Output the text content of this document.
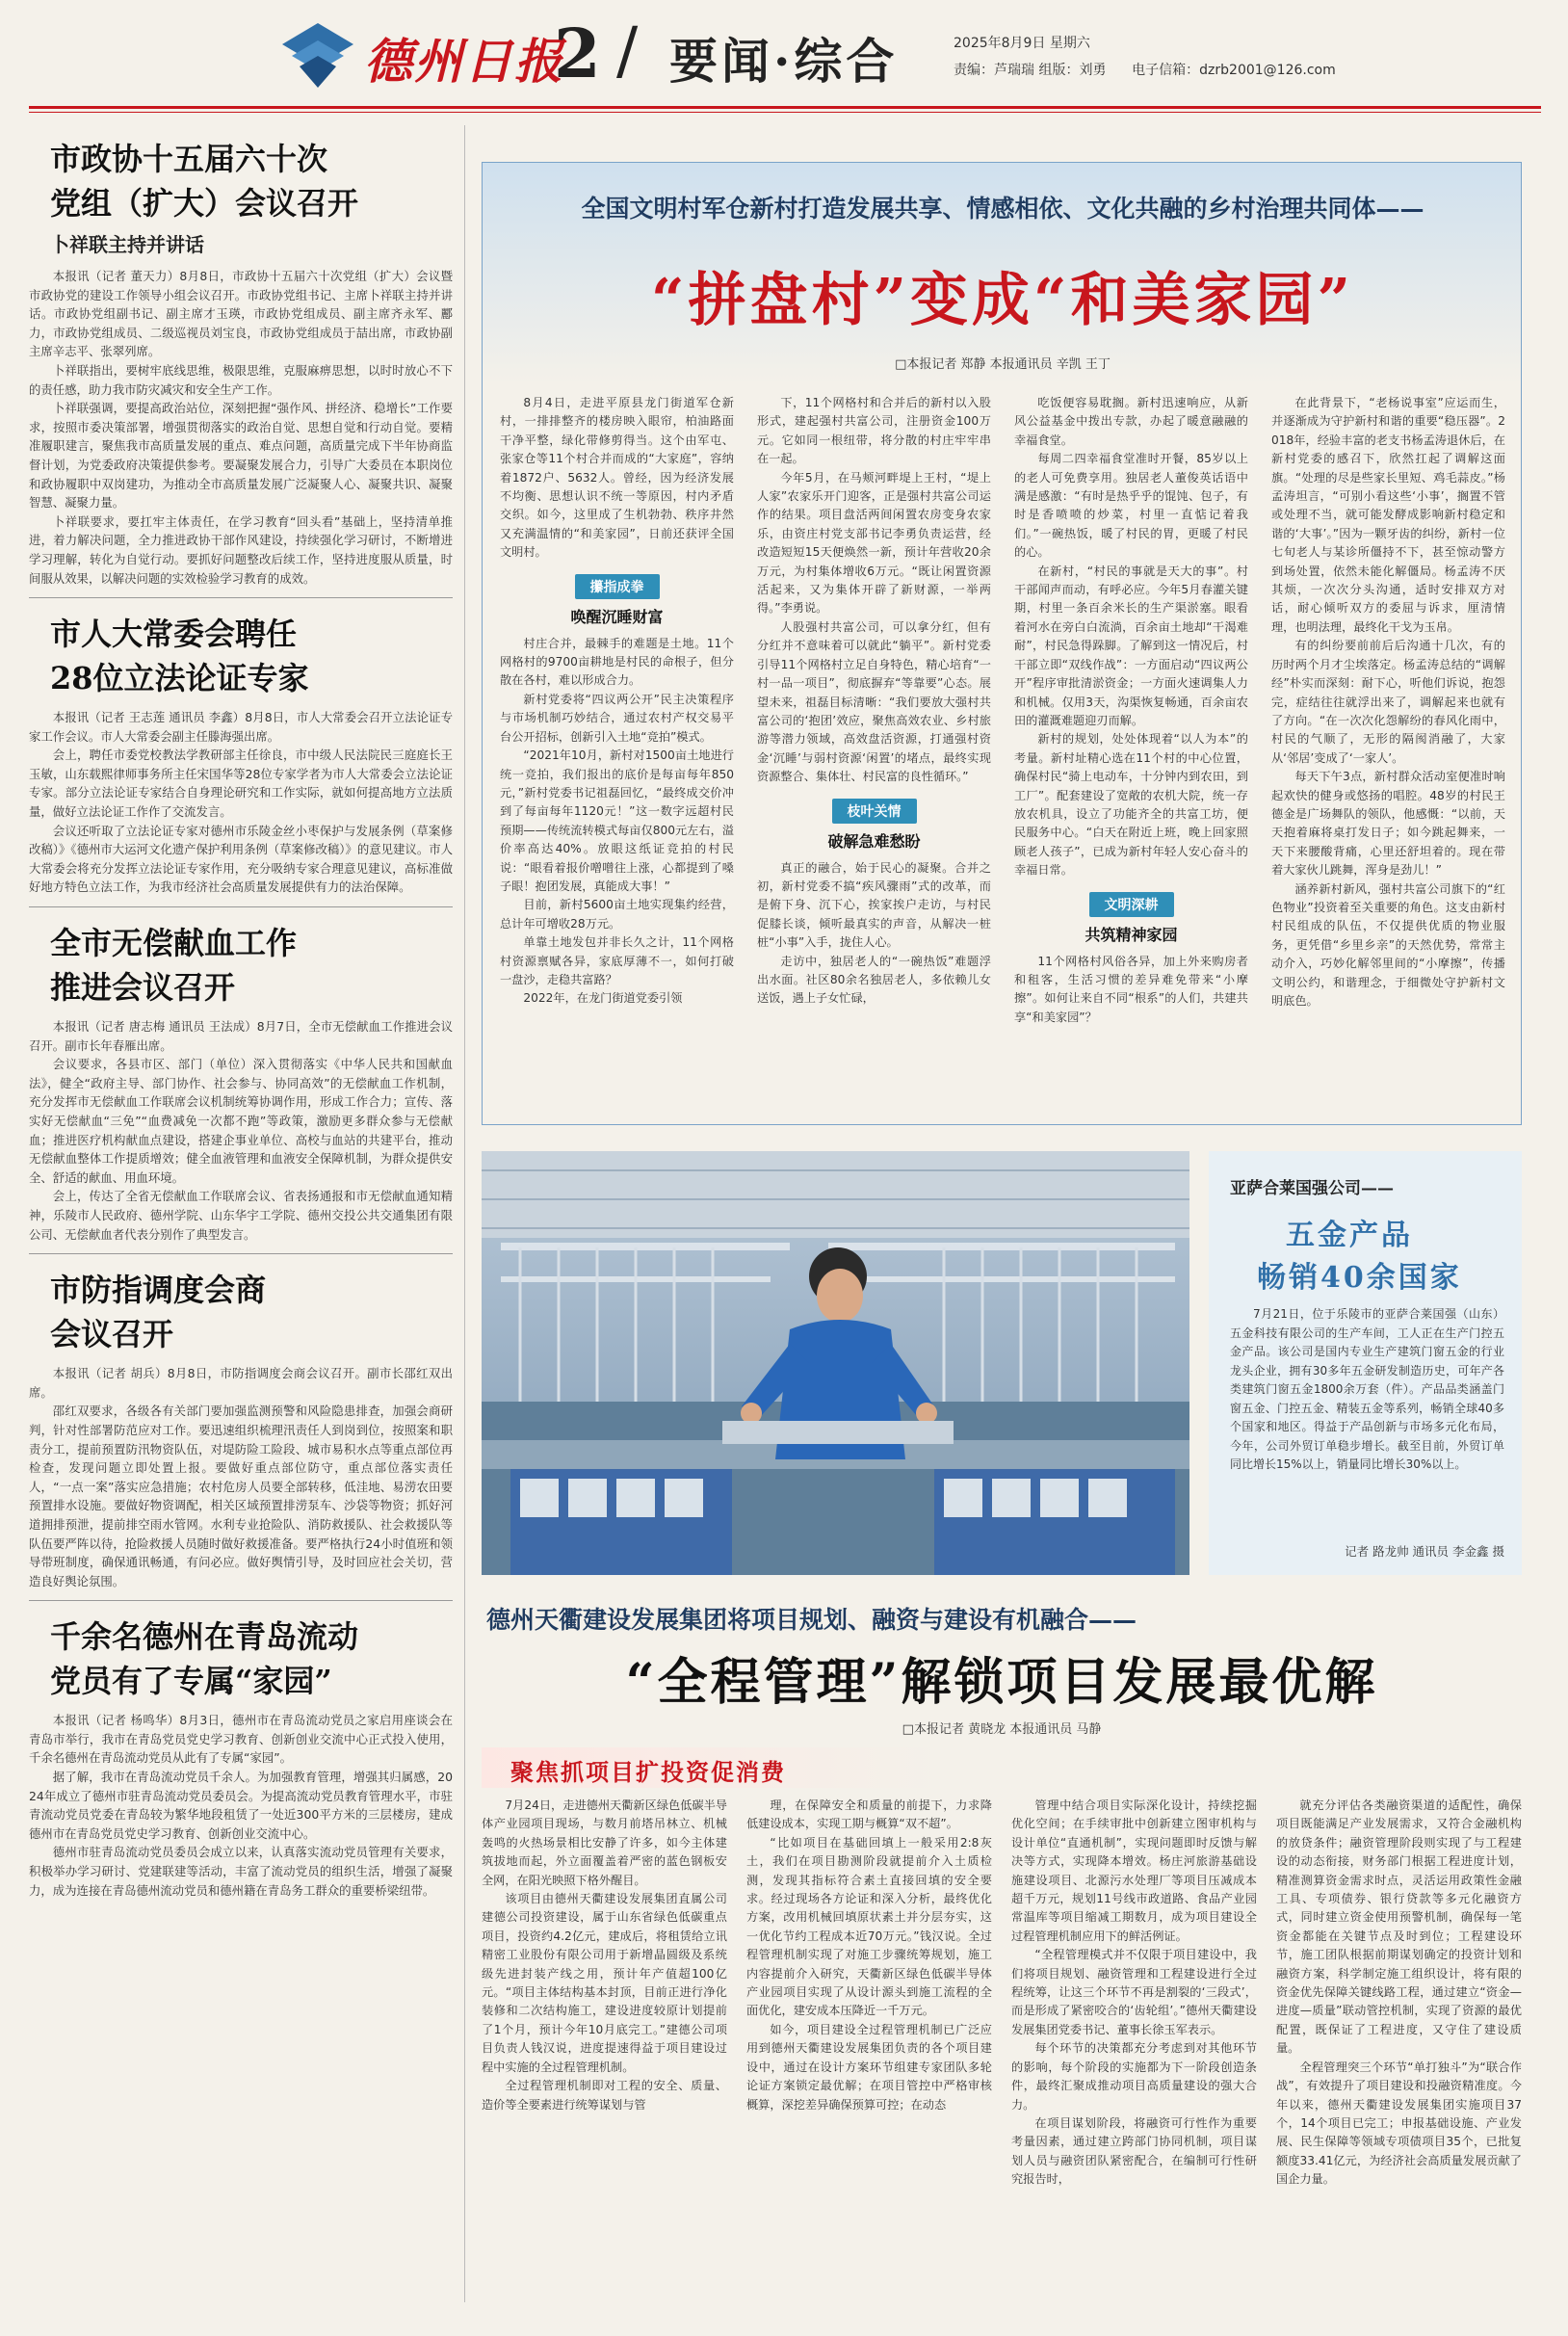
德州日报
2 / 要闻·综合	2025年8月9日 星期六
责编：芦瑞瑞 组版：刘勇 电子信箱：dzrb2001@126.com
市政协十五届六十次
党组（扩大）会议召开
卜祥联主持并讲话

本报讯（记者 董天力）8月8日，市政协十五届六十次党组（扩大）会议暨市政协党的建设工作领导小组会议召开。市政协党组书记、主席卜祥联主持并讲话。市政协党组副书记、副主席才玉瑛，市政协党组成员、副主席齐永军、酈力，市政协党组成员、二级巡视员刘宝良，市政协党组成员于喆出席，市政协副主席辛志平、张翠列席。

卜祥联指出，要树牢底线思维，极限思维，克服麻痹思想，以时时放心不下的责任感，助力我市防灾减灾和安全生产工作。

卜祥联强调，要提高政治站位，深刻把握“强作风、拼经济、稳增长”工作要求，按照市委决策部署，增强贯彻落实的政治自觉、思想自觉和行动自觉。要精准履职建言，聚焦我市高质量发展的重点、难点问题，高质量完成下半年协商监督计划，为党委政府决策提供参考。要凝聚发展合力，引导广大委员在本职岗位和政协履职中双岗建功，为推动全市高质量发展广泛凝聚人心、凝聚共识、凝聚智慧、凝聚力量。

卜祥联要求，要扛牢主体责任，在学习教育“回头看”基础上，坚持清单推进，着力解决问题，全力推进政协干部作风建设，持续强化学习研讨，不断增进学习理解，转化为自觉行动。要抓好问题整改后续工作，坚持进度服从质量，时间服从效果，以解决问题的实效检验学习教育的成效。

市人大常委会聘任
28位立法论证专家

本报讯（记者 王志莲 通讯员 李鑫）8月8日，市人大常委会召开立法论证专家工作会议。市人大常委会副主任滕海强出席。

会上，聘任市委党校教法学教研部主任徐良，市中级人民法院民三庭庭长王玉敏，山东载熙律师事务所主任宋国华等28位专家学者为市人大常委会立法论证专家。部分立法论证专家结合自身理论研究和工作实际，就如何提高地方立法质量，做好立法论证工作作了交流发言。

会议还听取了立法论证专家对德州市乐陵金丝小枣保护与发展条例（草案修改稿）》《德州市大运河文化遗产保护利用条例（草案修改稿）》的意见建议。市人大常委会将充分发挥立法论证专家作用，充分吸纳专家合理意见建议，高标准做好地方特色立法工作，为我市经济社会高质量发展提供有力的法治保障。

全市无偿献血工作
推进会议召开

本报讯（记者 唐志梅 通讯员 王法成）8月7日，全市无偿献血工作推进会议召开。副市长年春雁出席。

会议要求，各县市区、部门（单位）深入贯彻落实《中华人民共和国献血法》，健全“政府主导、部门协作、社会参与、协同高效”的无偿献血工作机制，充分发挥市无偿献血工作联席会议机制统筹协调作用，形成工作合力；宣传、落实好无偿献血“三免”“血费减免一次都不跑”等政策，激励更多群众参与无偿献血；推进医疗机构献血点建设，搭建企事业单位、高校与血站的共建平台，推动无偿献血整体工作提质增效；健全血液管理和血液安全保障机制，为群众提供安全、舒适的献血、用血环境。

会上，传达了全省无偿献血工作联席会议、省表扬通报和市无偿献血通知精神，乐陵市人民政府、德州学院、山东华宇工学院、德州交投公共交通集团有限公司、无偿献血者代表分别作了典型发言。

市防指调度会商
会议召开

本报讯（记者 胡兵）8月8日，市防指调度会商会议召开。副市长邵红双出席。

邵红双要求，各级各有关部门要加强监测预警和风险隐患排查，加强会商研判，针对性部署防范应对工作。要迅速组织梳理汛责任人到岗到位，按照案和职责分工，提前预置防汛物资队伍，对堤防险工险段、城市易积水点等重点部位再检查，发现问题立即处置上报。要做好重点部位防守，重点部位落实责任人，“一点一案”落实应急措施；农村危房人员要全部转移，低洼地、易涝农田要预置排水设施。要做好物资调配，相关区域预置排涝泵车、沙袋等物资；抓好河道拥排预泄，提前排空雨水管网。水利专业抢险队、消防救援队、社会救援队等队伍要严阵以待，抢险救援人员随时做好救援准备。要严格执行24小时值班和领导带班制度，确保通讯畅通，有问必应。做好舆情引导，及时回应社会关切，营造良好舆论氛围。

千余名德州在青岛流动
党员有了专属“家园”

本报讯（记者 杨鸣华）8月3日，德州市在青岛流动党员之家启用座谈会在青岛市举行，我市在青岛党员党史学习教育、创新创业交流中心正式投入使用，千余名德州在青岛流动党员从此有了专属“家园”。

据了解，我市在青岛流动党员千余人。为加强教育管理，增强其归属感，2024年成立了德州市驻青岛流动党员委员会。为提高流动党员教育管理水平，市驻青流动党员党委在青岛较为繁华地段租赁了一处近300平方米的三层楼房，建成德州市在青岛党员党史学习教育、创新创业交流中心。

德州市驻青岛流动党员委员会成立以来，认真落实流动党员管理有关要求，积极举办学习研讨、党建联建等活动，丰富了流动党员的组织生活，增强了凝聚力，成为连接在青岛德州流动党员和德州籍在青岛务工群众的重要桥梁纽带。

全国文明村军仓新村打造发展共享、情感相依、文化共融的乡村治理共同体——
“拼盘村”变成“和美家园”
□本报记者 郑静 本报通讯员 辛凯 王丁

8月4日，走进平原县龙门街道军仓新村，一排排整齐的楼房映入眼帘，柏油路面干净平整，绿化带修剪得当。这个由军屯、张家仓等11个村合并而成的“大家庭”，容纳着1872户、5632人。曾经，因为经济发展不均衡、思想认识不统一等原因，村内矛盾交织。如今，这里成了生机勃勃、秩序井然又充满温情的“和美家园”，日前还获评全国文明村。

攥指成拳
唤醒沉睡财富

村庄合并，最棘手的难题是土地。11个网格村的9700亩耕地是村民的命根子，但分散在各村，难以形成合力。

新村党委将“四议两公开”民主决策程序与市场机制巧妙结合，通过农村产权交易平台公开招标，创新引入土地“竞拍”模式。

“2021年10月，新村对1500亩土地进行统一竞拍，我们报出的底价是每亩每年850元，”新村党委书记祖磊回忆，“最终成交价冲到了每亩每年1120元！”这一数字远超村民预期——传统流转模式每亩仅800元左右，溢价率高达40%。放眼这纸证竞拍的村民说：“眼看着报价噌噌往上涨，心都提到了嗓子眼！抱团发展，真能成大事！”

目前，新村5600亩土地实现集约经营，总计年可增收28万元。

单靠土地发包并非长久之计，11个网格村资源禀赋各异，家底厚薄不一，如何打破一盘沙，走稳共富路？

2022年，在龙门街道党委引领

下，11个网格村和合并后的新村以入股形式，建起强村共富公司，注册资金100万元。它如同一根纽带，将分散的村庄牢牢串在一起。

今年5月，在马颊河畔堤上王村，“堤上人家”农家乐开门迎客，正是强村共富公司运作的结果。项目盘活两间闲置农房变身农家乐，由资庄村党支部书记李勇负责运营，经改造短短15天便焕然一新，预计年营收20余万元，为村集体增收6万元。“既让闲置资源活起来，又为集体开辟了新财源，一举两得。”李勇说。

人股强村共富公司，可以拿分红，但有分红并不意味着可以就此“躺平”。新村党委引导11个网格村立足自身特色，精心培育“一村一品一项目”，彻底摒弃“等靠要”心态。展望未来，祖磊目标清晰：“我们要放大强村共富公司的‘抱团’效应，聚焦高效农业、乡村旅游等潜力领域，高效盘活资源，打通强村资金‘沉睡’与弱村资源‘闲置’的堵点，最终实现资源整合、集体壮、村民富的良性循环。”

枝叶关情
破解急难愁盼

真正的融合，始于民心的凝聚。合并之初，新村党委不搞“疾风骤雨”式的改革，而是俯下身、沉下心，挨家挨户走访，与村民促膝长谈，倾听最真实的声音，从解决一桩桩“小事”入手，拢住人心。

走访中，独居老人的“一碗热饭”难题浮出水面。社区80余名独居老人，多依赖儿女送饭，遇上子女忙碌，

吃饭便容易耽搁。新村迅速响应，从新风公益基金中拨出专款，办起了暖意融融的幸福食堂。

每周二四幸福食堂准时开餐，85岁以上的老人可免费享用。独居老人董俊英话语中满是感激：“有时是热乎乎的馄饨、包子，有时是香喷喷的炒菜，村里一直惦记着我们。”一碗热饭，暖了村民的胃，更暖了村民的心。

在新村，“村民的事就是天大的事”。村干部闻声而动，有呼必应。今年5月春灌关键期，村里一条百余米长的生产渠淤塞。眼看着河水在旁白白流淌，百余亩土地却“干渴难耐”，村民急得跺脚。了解到这一情况后，村干部立即“双线作战”：一方面启动“四议两公开”程序审批清淤资金；一方面火速调集人力和机械。仅用3天，沟渠恢复畅通，百余亩农田的灌溉难题迎刃而解。

新村的规划，处处体现着“以人为本”的考量。新村址精心选在11个村的中心位置，确保村民“骑上电动车，十分钟内到农田，到工厂”。配套建设了宽敞的农机大院，统一存放农机具，设立了功能齐全的共富工坊，便民服务中心。“白天在附近上班，晚上回家照顾老人孩子”，已成为新村年轻人安心奋斗的幸福日常。

文明深耕
共筑精神家园

11个网格村风俗各异，加上外来购房者和租客，生活习惯的差异难免带来“小摩擦”。如何让来自不同“根系”的人们，共建共享“和美家园”？

在此背景下，“老杨说事室”应运而生，并逐渐成为守护新村和谐的重要“稳压器”。2018年，经验丰富的老支书杨孟涛退休后，在新村党委的感召下，欣然扛起了调解这面旗。“处理的尽是些家长里短、鸡毛蒜皮。”杨孟涛坦言，“可别小看这些‘小事’，搁置不管或处理不当，就可能发酵成影响新村稳定和谐的‘大事’。”因为一颗牙齿的纠纷，新村一位七旬老人与某诊所僵持不下，甚至惊动警方到场处置，依然未能化解僵局。杨孟涛不厌其烦，一次次分头沟通，适时安排双方对话，耐心倾听双方的委屈与诉求，厘清情理，也明法理，最终化干戈为玉帛。

有的纠纷要前前后后沟通十几次，有的历时两个月才尘埃落定。杨孟涛总结的“调解经”朴实而深刻：耐下心，听他们诉说，抱怨完，症结往往就浮出来了，调解起来也就有了方向。“在一次次化怨解纷的春风化雨中，村民的气顺了，无形的隔阂消融了，大家从‘邻居’变成了‘一家人’。

每天下午3点，新村群众活动室便准时响起欢快的健身或悠扬的唱腔。48岁的村民王德金是广场舞队的领队，他感慨：“以前，天天抱着麻将桌打发日子；如今跳起舞来，一天下来腰酸背痛，心里还舒坦着的。现在带着大家伙儿跳舞，浑身是劲儿！”

涵养新村新风，强村共富公司旗下的“红色物业”投资着至关重要的角色。这支由新村村民组成的队伍，不仅提供优质的物业服务，更凭借“乡里乡亲”的天然优势，常常主动介入，巧妙化解邻里间的“小摩擦”，传播文明公约，和谐理念，于细微处守护新村文明底色。

亚萨合莱国强公司——
五金产品
畅销40余国家
7月21日，位于乐陵市的亚萨合莱国强（山东）五金科技有限公司的生产车间，工人正在生产门控五金产品。该公司是国内专业生产建筑门窗五金的行业龙头企业，拥有30多年五金研发制造历史，可年产各类建筑门窗五金1800余万套（件）。产品品类涵盖门窗五金、门控五金、精装五金等系列，畅销全球40多个国家和地区。得益于产品创新与市场多元化布局，今年，公司外贸订单稳步增长。截至目前，外贸订单同比增长15%以上，销量同比增长30%以上。
记者 路龙帅 通讯员 李金鑫 摄
德州天衢建设发展集团将项目规划、融资与建设有机融合——
“全程管理”解锁项目发展最优解
□本报记者 黄晓龙 本报通讯员 马静
聚焦抓项目扩投资促消费

7月24日，走进德州天衢新区绿色低碳半导体产业园项目现场，与数月前塔吊林立、机械轰鸣的火热场景相比安静了许多，如今主体建筑拔地而起，外立面覆盖着严密的蓝色钢板安全网，在阳光映照下格外醒目。

该项目由德州天衢建设发展集团直属公司建德公司投资建设，属于山东省绿色低碳重点项目，投资约4.2亿元，建成后，将租赁给立讯精密工业股份有限公司用于新增晶圆级及系统级先进封装产线之用，预计年产值超100亿元。“项目主体结构基本封顶，目前正进行净化装修和二次结构施工，建设进度较原计划提前了1个月，预计今年10月底完工。”建德公司项目负责人钱汉说，进度提速得益于项目建设过程中实施的全过程管理机制。

全过程管理机制即对工程的安全、质量、造价等全要素进行统筹谋划与管

理，在保障安全和质量的前提下，力求降低建设成本，实现工期与概算“双不超”。

“比如项目在基础回填上一般采用2:8灰土，我们在项目勘测阶段就提前介入土质检测，发现其指标符合素土直接回填的安全要求。经过现场各方论证和深入分析，最终优化方案，改用机械回填原状素土并分层夯实，这一优化节约工程成本近70万元。”钱汉说。全过程管理机制实现了对施工步骤统筹规划，施工内容提前介入研究，天衢新区绿色低碳半导体产业园项目实现了从设计源头到施工流程的全面优化，建安成本压降近一千万元。

如今，项目建设全过程管理机制已广泛应用到德州天衢建设发展集团负责的各个项目建设中，通过在设计方案环节组建专家团队多轮论证方案锁定最优解；在项目管控中严格审核概算，深挖差异确保预算可控；在动态

管理中结合项目实际深化设计，持续挖掘优化空间；在手续审批中创新建立图审机构与设计单位“直通机制”，实现问题即时反馈与解决等方式，实现降本增效。杨庄河旅游基础设施建设项目、北源污水处理厂等项目压减成本超千万元，规划11号线市政道路、食品产业园常温库等项目缩减工期数月，成为项目建设全过程管理机制应用下的鲜活例证。

“全程管理模式并不仅限于项目建设中，我们将项目规划、融资管理和工程建设进行全过程统筹，让这三个环节不再是割裂的‘三段式’，而是形成了紧密咬合的‘齿轮组’。”德州天衢建设发展集团党委书记、董事长徐玉军表示。

每个环节的决策都充分考虑到对其他环节的影响，每个阶段的实施都为下一阶段创造条件，最终汇聚成推动项目高质量建设的强大合力。

在项目谋划阶段，将融资可行性作为重要考量因素，通过建立跨部门协同机制，项目谋划人员与融资团队紧密配合，在编制可行性研究报告时，

就充分评估各类融资渠道的适配性，确保项目既能满足产业发展需求，又符合金融机构的放贷条件；融资管理阶段则实现了与工程建设的动态衔接，财务部门根据工程进度计划，精准测算资金需求时点，灵活运用政策性金融工具、专项债券、银行贷款等多元化融资方式，同时建立资金使用预警机制，确保每一笔资金都能在关键节点及时到位；工程建设环节，施工团队根据前期谋划确定的投资计划和融资方案，科学制定施工组织设计，将有限的资金优先保障关键线路工程，通过建立“资金—进度—质量”联动管控机制，实现了资源的最优配置，既保证了工程进度，又守住了建设质量。

全程管理突三个环节“单打独斗”为“联合作战”，有效提升了项目建设和投融资精准度。今年以来，德州天衢建设发展集团实施项目37个，14个项目已完工；申报基础设施、产业发展、民生保障等领域专项债项目35个，已批复额度33.41亿元，为经济社会高质量发展贡献了国企力量。
